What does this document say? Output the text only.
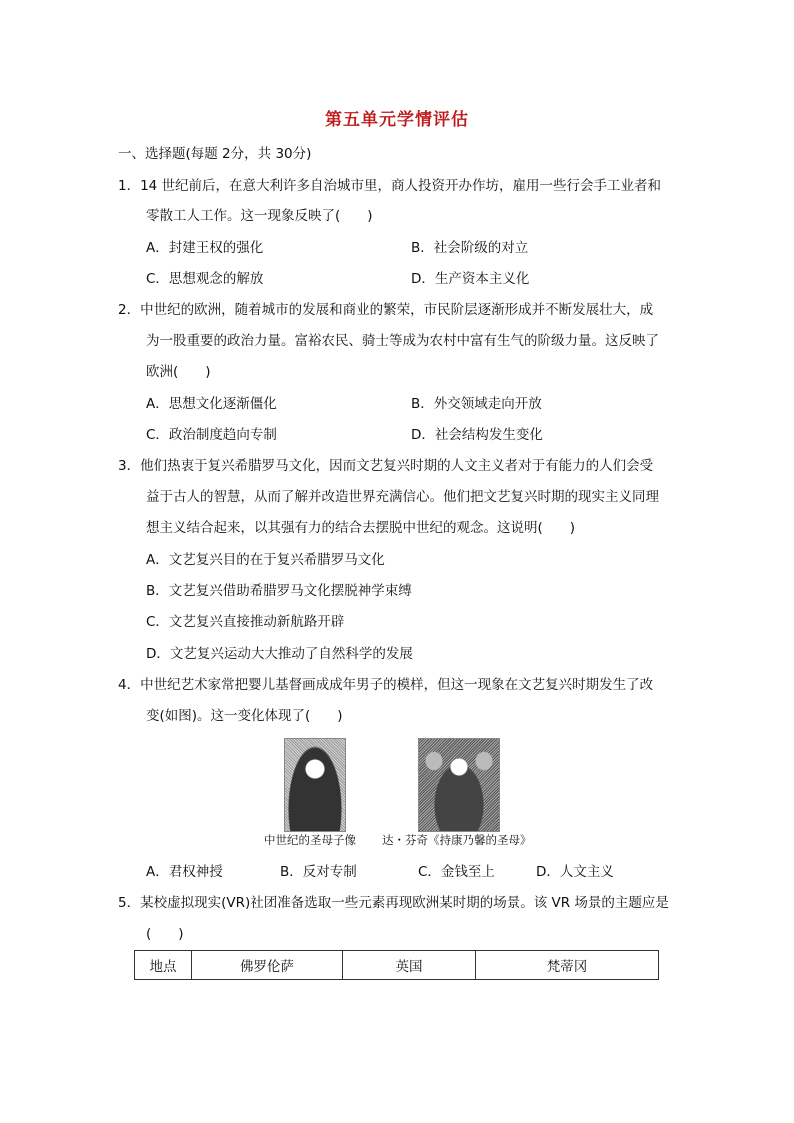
第五单元学情评估
一、选择题(每题 2分，共 30分)
1．14 世纪前后，在意大利许多自治城市里，商人投资开办作坊，雇用一些行会手工业者和
零散工人工作。这一现象反映了(　　)
A．封建王权的强化	B．社会阶级的对立
C．思想观念的解放	D．生产资本主义化
2．中世纪的欧洲，随着城市的发展和商业的繁荣，市民阶层逐渐形成并不断发展壮大，成
为一股重要的政治力量。富裕农民、骑士等成为农村中富有生气的阶级力量。这反映了
欧洲(　　)
A．思想文化逐渐僵化	B．外交领域走向开放
C．政治制度趋向专制	D．社会结构发生变化
3．他们热衷于复兴希腊罗马文化，因而文艺复兴时期的人文主义者对于有能力的人们会受
益于古人的智慧，从而了解并改造世界充满信心。他们把文艺复兴时期的现实主义同理
想主义结合起来，以其强有力的结合去摆脱中世纪的观念。这说明(　　)
A．文艺复兴目的在于复兴希腊罗马文化
B．文艺复兴借助希腊罗马文化摆脱神学束缚
C．文艺复兴直接推动新航路开辟
D．文艺复兴运动大大推动了自然科学的发展
4．中世纪艺术家常把婴儿基督画成成年男子的模样，但这一现象在文艺复兴时期发生了改
变(如图)。这一变化体现了(　　)
中世纪的圣母子像 达・芬奇《持康乃馨的圣母》
A．君权神授	B．反对专制	C．金钱至上	D．人文主义
5．某校虚拟现实(VR)社团准备选取一些元素再现欧洲某时期的场景。该 VR 场景的主题应是
(　　)
地点	佛罗伦萨	英国	梵蒂冈
